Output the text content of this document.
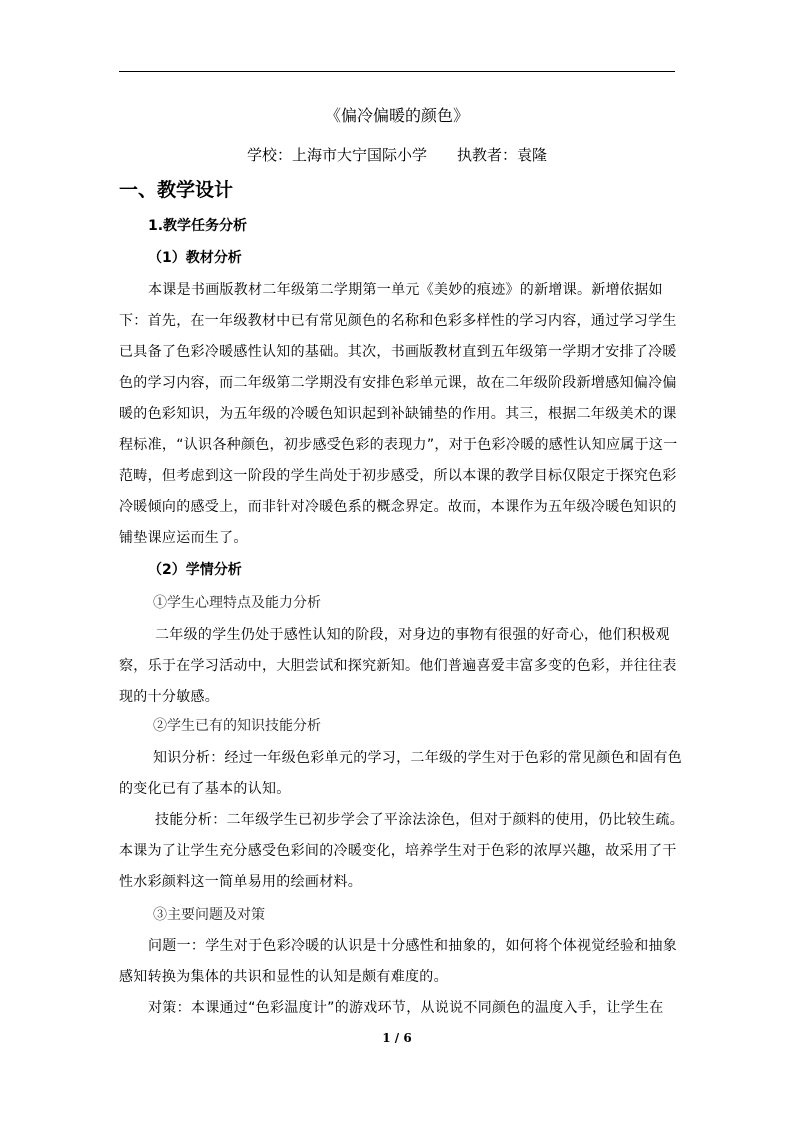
《偏冷偏暖的颜色》
学校：上海市大宁国际小学 执教者：袁隆
一、教学设计
1.教学任务分析
（1）教材分析
本课是书画版教材二年级第二学期第一单元《美妙的痕迹》的新增课。新增依据如
下：首先，在一年级教材中已有常见颜色的名称和色彩多样性的学习内容，通过学习学生
已具备了色彩冷暖感性认知的基础。其次，书画版教材直到五年级第一学期才安排了冷暖
色的学习内容，而二年级第二学期没有安排色彩单元课，故在二年级阶段新增感知偏冷偏
暖的色彩知识，为五年级的冷暖色知识起到补缺铺垫的作用。其三，根据二年级美术的课
程标准，“认识各种颜色，初步感受色彩的表现力”，对于色彩冷暖的感性认知应属于这一
范畴，但考虑到这一阶段的学生尚处于初步感受，所以本课的教学目标仅限定于探究色彩
冷暖倾向的感受上，而非针对冷暖色系的概念界定。故而，本课作为五年级冷暖色知识的
铺垫课应运而生了。
（2）学情分析
①学生心理特点及能力分析
二年级的学生仍处于感性认知的阶段，对身边的事物有很强的好奇心，他们积极观
察，乐于在学习活动中，大胆尝试和探究新知。他们普遍喜爱丰富多变的色彩，并往往表
现的十分敏感。
②学生已有的知识技能分析
知识分析：经过一年级色彩单元的学习，二年级的学生对于色彩的常见颜色和固有色
的变化已有了基本的认知。
技能分析：二年级学生已初步学会了平涂法涂色，但对于颜料的使用，仍比较生疏。
本课为了让学生充分感受色彩间的冷暖变化，培养学生对于色彩的浓厚兴趣，故采用了干
性水彩颜料这一简单易用的绘画材料。
③主要问题及对策
问题一：学生对于色彩冷暖的认识是十分感性和抽象的，如何将个体视觉经验和抽象
感知转换为集体的共识和显性的认知是颇有难度的。
对策：本课通过“色彩温度计”的游戏环节，从说说不同颜色的温度入手，让学生在
1 / 6
